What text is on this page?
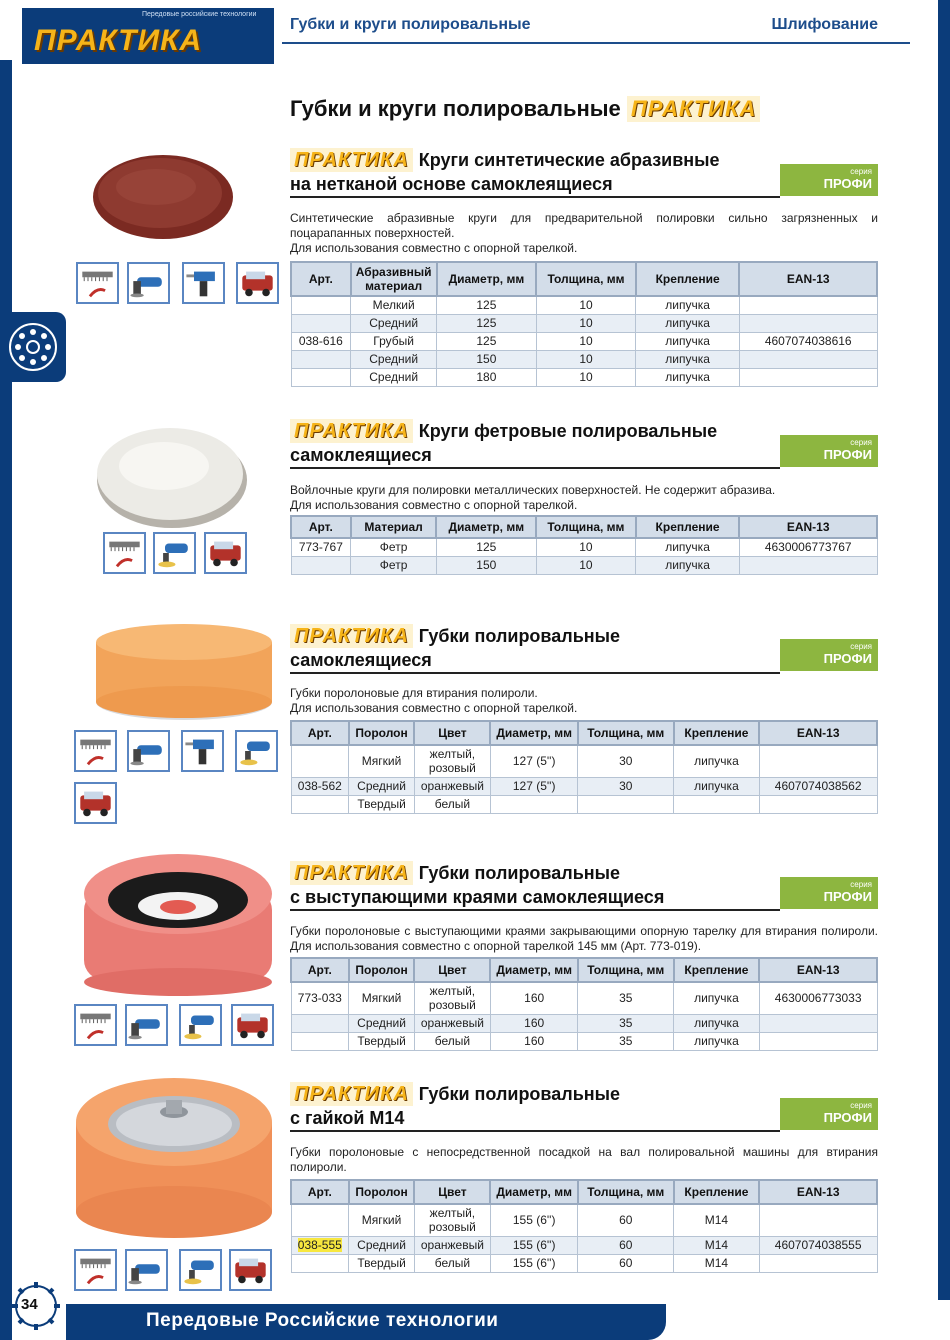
Передовые российские технологии
ПРАКТИКА	Губки и круги полировальные	Шлифование
Губки и круги полировальные ПРАКТИКА
ПРАКТИКА Круги синтетические абразивные
на нетканой основе самоклеящиеся
серия
ПРОФИ
Синтетические абразивные круги для предварительной полировки сильно загрязненных и поцарапанных поверхностей.
Для использования совместно с опорной тарелкой.
Арт.	Абразивный материал	Диаметр, мм	Толщина, мм	Крепление	EAN-13
	Мелкий	125	10	липучка	
	Средний	125	10	липучка	
038-616	Грубый	125	10	липучка	4607074038616
	Средний	150	10	липучка	
	Средний	180	10	липучка	
ПРАКТИКА Круги фетровые полировальные
самоклеящиеся
серия
ПРОФИ
Войлочные круги для полировки металлических поверхностей. Не содержит абразива.
Для использования совместно с опорной тарелкой.
Арт.	Материал	Диаметр, мм	Толщина, мм	Крепление	EAN-13
773-767	Фетр	125	10	липучка	4630006773767
	Фетр	150	10	липучка	
ПРАКТИКА Губки полировальные
самоклеящиеся
серия
ПРОФИ
Губки поролоновые для втирания полироли.
Для использования совместно с опорной тарелкой.
Арт.	Поролон	Цвет	Диаметр, мм	Толщина, мм	Крепление	EAN-13
	Мягкий	желтый, розовый	127 (5'')	30	липучка	
038-562	Средний	оранжевый	127 (5'')	30	липучка	4607074038562
	Твердый	белый				
ПРАКТИКА Губки полировальные
с выступающими краями самоклеящиеся
серия
ПРОФИ
Губки поролоновые с выступающими краями закрывающими опорную тарелку для втирания полироли. Для использования совместно с опорной тарелкой 145 мм (Арт. 773-019).
Арт.	Поролон	Цвет	Диаметр, мм	Толщина, мм	Крепление	EAN-13
773-033	Мягкий	желтый, розовый	160	35	липучка	4630006773033
	Средний	оранжевый	160	35	липучка	
	Твердый	белый	160	35	липучка	
ПРАКТИКА Губки полировальные
с гайкой М14
серия
ПРОФИ
Губки поролоновые с непосредственной посадкой на вал полировальной машины для втирания полироли.
Арт.	Поролон	Цвет	Диаметр, мм	Толщина, мм	Крепление	EAN-13
	Мягкий	желтый, розовый	155 (6'')	60	М14	
038-555	Средний	оранжевый	155 (6'')	60	М14	4607074038555
	Твердый	белый	155 (6'')	60	М14	
34
Передовые Российские технологии
